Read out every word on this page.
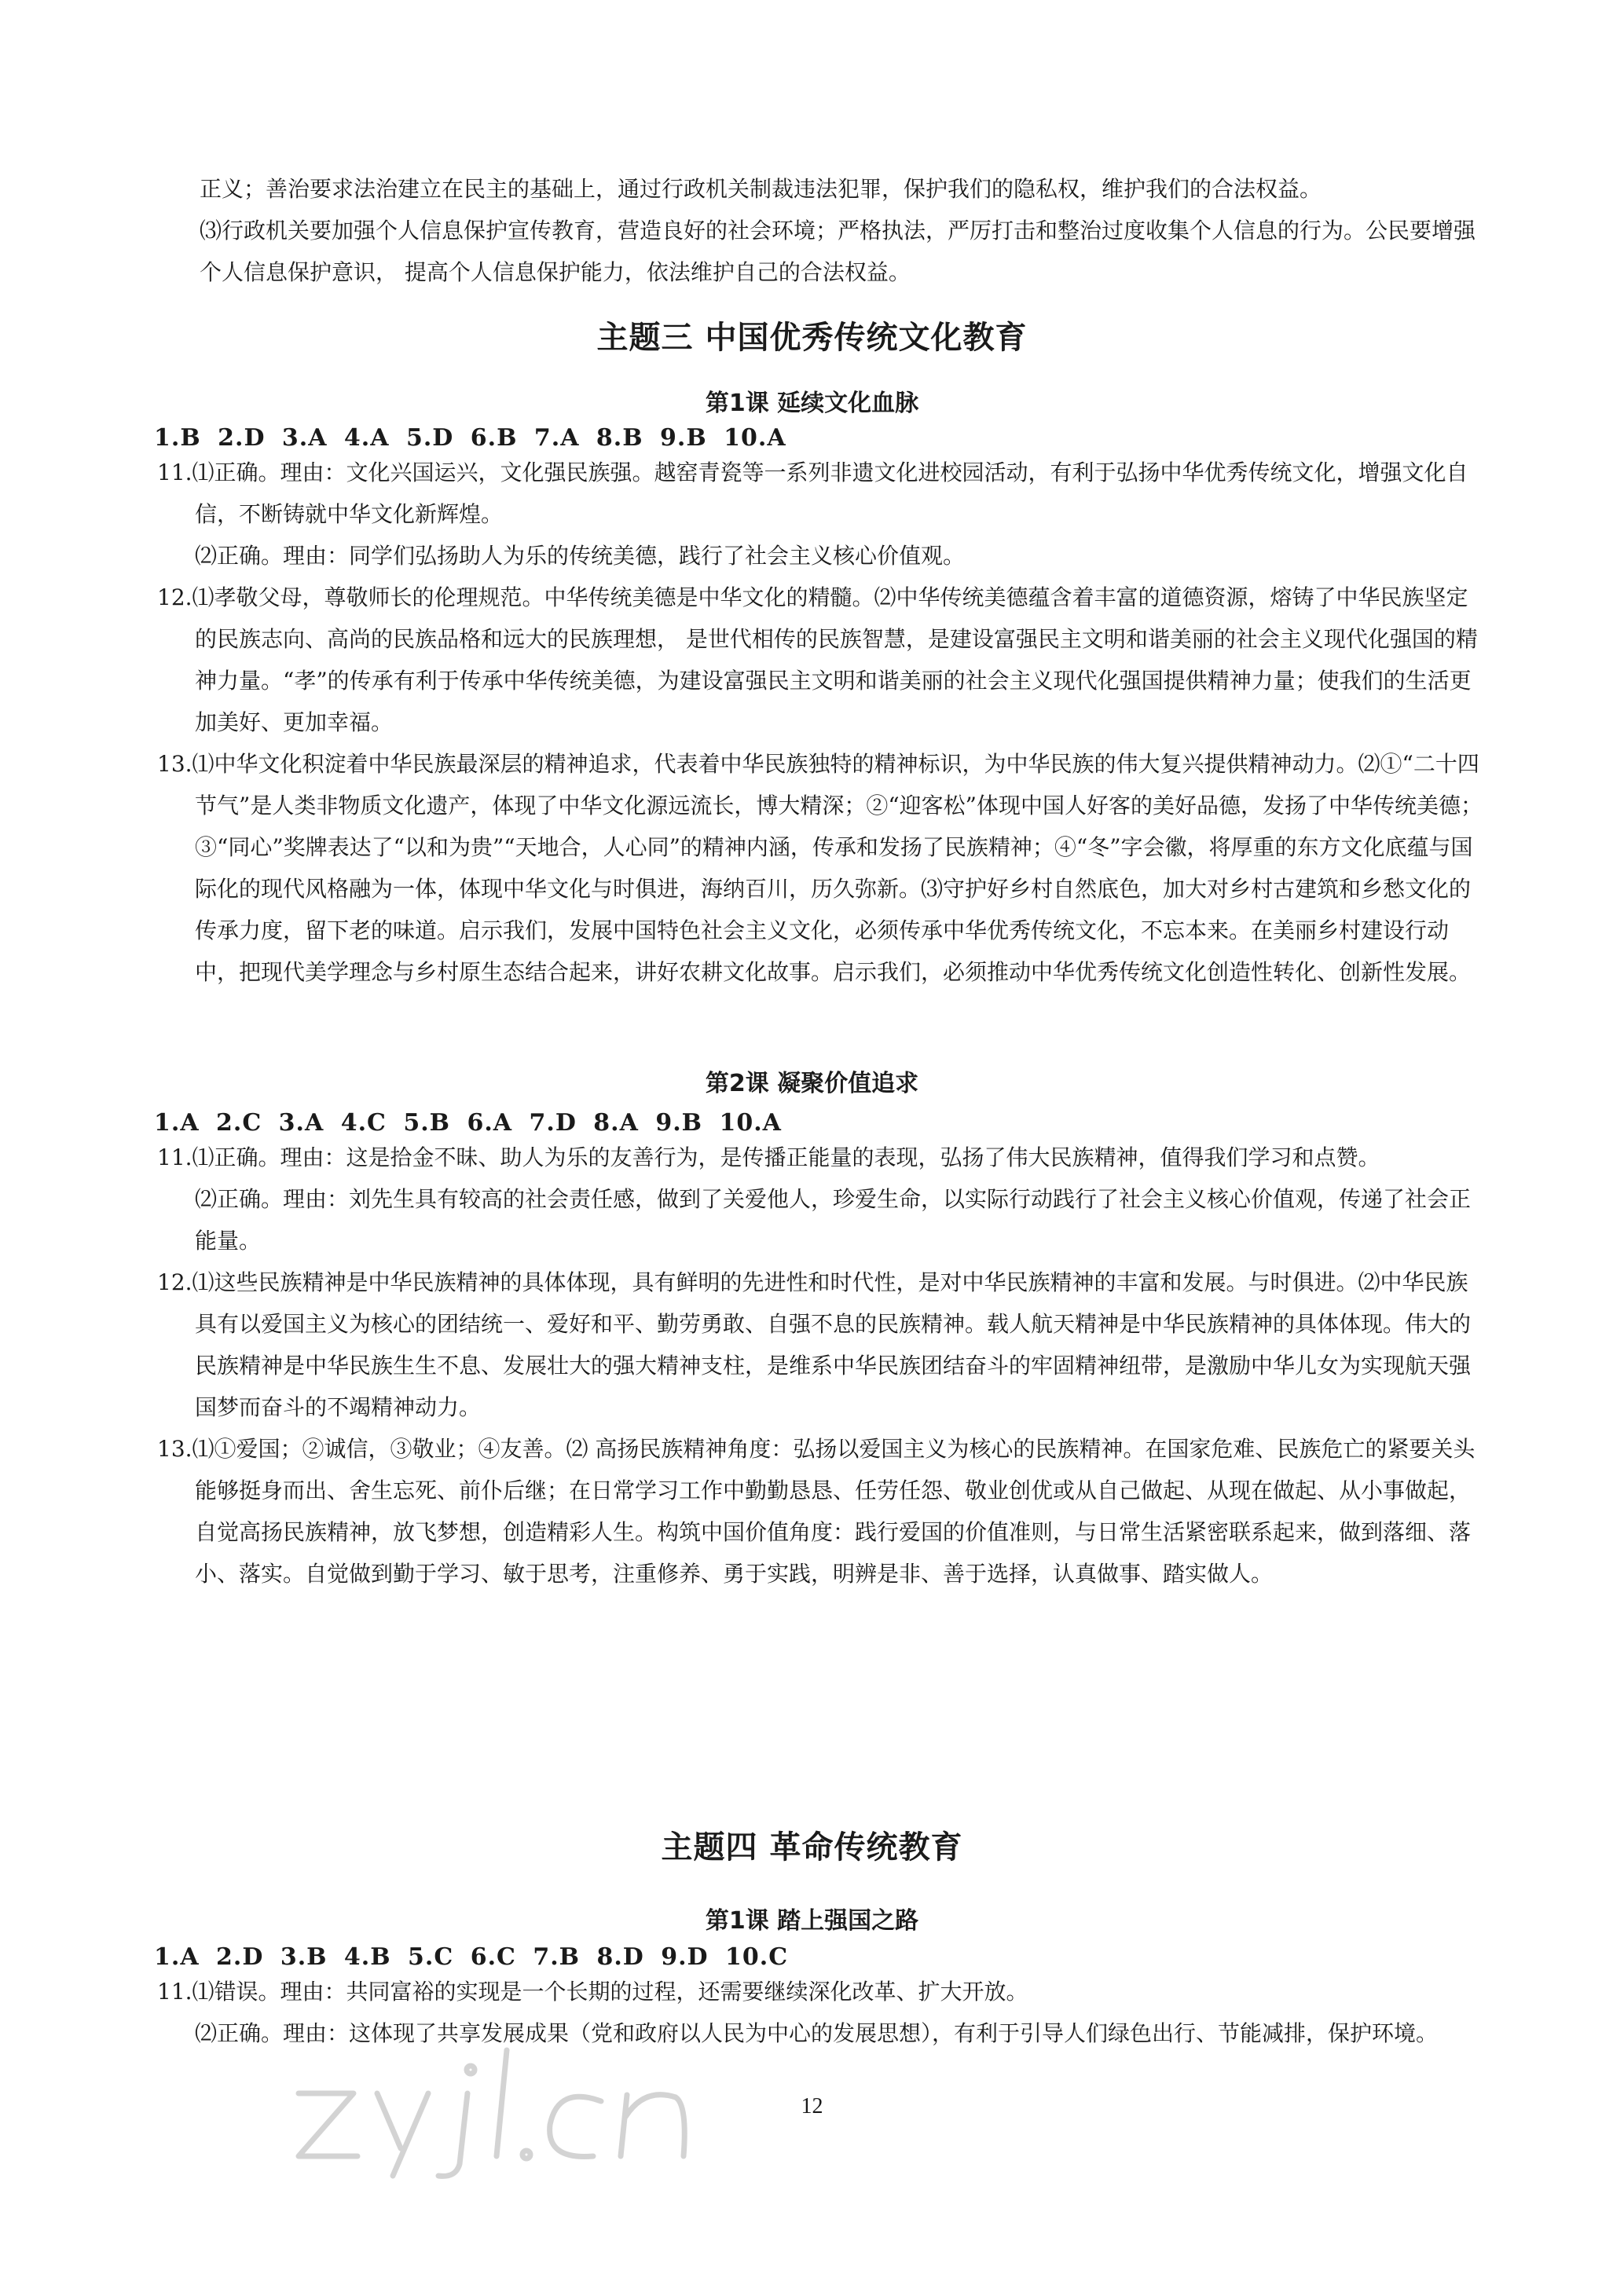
正义；善治要求法治建立在民主的基础上，通过行政机关制裁违法犯罪，保护我们的隐私权，维护我们的合法权益。

⑶行政机关要加强个人信息保护宣传教育，营造良好的社会环境；严格执法，严厉打击和整治过度收集个人信息的行为。公民要增强个人信息保护意识， 提高个人信息保护能力，依法维护自己的合法权益。

主题三 中国优秀传统文化教育
第1课 延续文化血脉

1.B 2.D 3.A 4.A 5.D 6.B 7.A 8.B 9.B 10.A

11.⑴正确。理由：文化兴国运兴，文化强民族强。越窑青瓷等一系列非遗文化进校园活动，有利于弘扬中华优秀传统文化，增强文化自信，不断铸就中华文化新辉煌。

⑵正确。理由：同学们弘扬助人为乐的传统美德，践行了社会主义核心价值观。

12.⑴孝敬父母，尊敬师长的伦理规范。中华传统美德是中华文化的精髓。⑵中华传统美德蕴含着丰富的道德资源，熔铸了中华民族坚定的民族志向、高尚的民族品格和远大的民族理想， 是世代相传的民族智慧，是建设富强民主文明和谐美丽的社会主义现代化强国的精神力量。“孝”的传承有利于传承中华传统美德，为建设富强民主文明和谐美丽的社会主义现代化强国提供精神力量；使我们的生活更加美好、更加幸福。

13.⑴中华文化积淀着中华民族最深层的精神追求，代表着中华民族独特的精神标识，为中华民族的伟大复兴提供精神动力。⑵①“二十四节气”是人类非物质文化遗产，体现了中华文化源远流长，博大精深；②“迎客松”体现中国人好客的美好品德，发扬了中华传统美德；③“同心”奖牌表达了“以和为贵”“天地合，人心同”的精神内涵，传承和发扬了民族精神；④“冬”字会徽，将厚重的东方文化底蕴与国际化的现代风格融为一体，体现中华文化与时俱进，海纳百川，历久弥新。⑶守护好乡村自然底色，加大对乡村古建筑和乡愁文化的传承力度，留下老的味道。启示我们，发展中国特色社会主义文化，必须传承中华优秀传统文化，不忘本来。在美丽乡村建设行动中，把现代美学理念与乡村原生态结合起来，讲好农耕文化故事。启示我们，必须推动中华优秀传统文化创造性转化、创新性发展。

第2课 凝聚价值追求

1.A 2.C 3.A 4.C 5.B 6.A 7.D 8.A 9.B 10.A

11.⑴正确。理由：这是拾金不昧、助人为乐的友善行为，是传播正能量的表现，弘扬了伟大民族精神，值得我们学习和点赞。

⑵正确。理由：刘先生具有较高的社会责任感，做到了关爱他人，珍爱生命，以实际行动践行了社会主义核心价值观，传递了社会正能量。

12.⑴这些民族精神是中华民族精神的具体体现，具有鲜明的先进性和时代性，是对中华民族精神的丰富和发展。与时俱进。⑵中华民族具有以爱国主义为核心的团结统一、爱好和平、勤劳勇敢、自强不息的民族精神。载人航天精神是中华民族精神的具体体现。伟大的民族精神是中华民族生生不息、发展壮大的强大精神支柱，是维系中华民族团结奋斗的牢固精神纽带，是激励中华儿女为实现航天强国梦而奋斗的不竭精神动力。

13.⑴①爱国；②诚信，③敬业；④友善。⑵ 高扬民族精神角度：弘扬以爱国主义为核心的民族精神。在国家危难、民族危亡的紧要关头能够挺身而出、舍生忘死、前仆后继；在日常学习工作中勤勤恳恳、任劳任怨、敬业创优或从自己做起、从现在做起、从小事做起，自觉高扬民族精神，放飞梦想，创造精彩人生。构筑中国价值角度：践行爱国的价值准则，与日常生活紧密联系起来，做到落细、落小、落实。自觉做到勤于学习、敏于思考，注重修养、勇于实践，明辨是非、善于选择，认真做事、踏实做人。

主题四 革命传统教育
第1课 踏上强国之路

1.A 2.D 3.B 4.B 5.C 6.C 7.B 8.D 9.D 10.C

11.⑴错误。理由：共同富裕的实现是一个长期的过程，还需要继续深化改革、扩大开放。

⑵正确。理由：这体现了共享发展成果（党和政府以人民为中心的发展思想），有利于引导人们绿色出行、节能减排，保护环境。

12
